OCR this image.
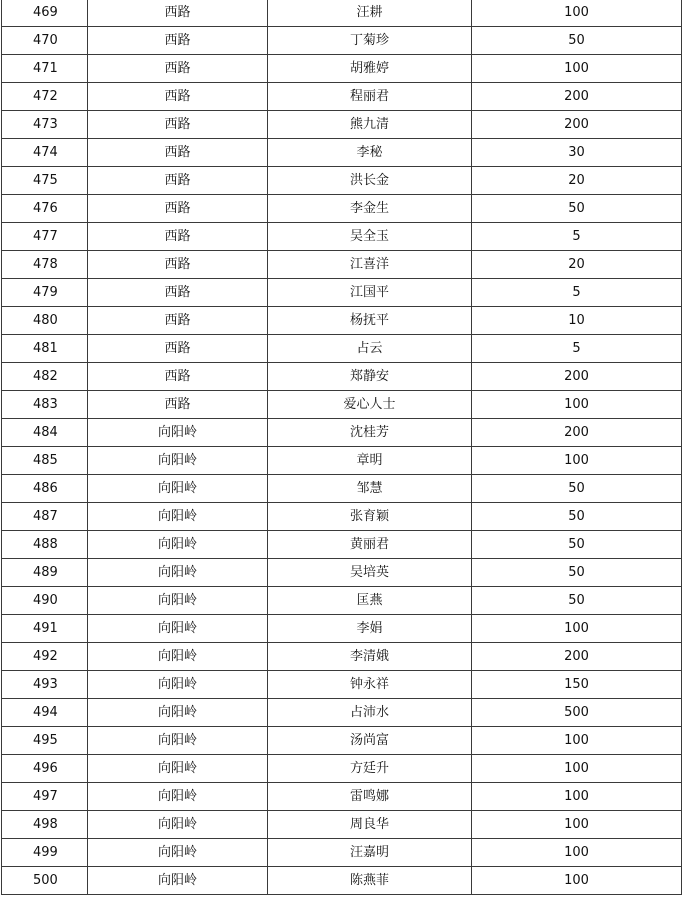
469	西路	汪耕	100
470	西路	丁菊珍	50
471	西路	胡雅婷	100
472	西路	程丽君	200
473	西路	熊九清	200
474	西路	李秘	30
475	西路	洪长金	20
476	西路	李金生	50
477	西路	吴全玉	5
478	西路	江喜洋	20
479	西路	江国平	5
480	西路	杨抚平	10
481	西路	占云	5
482	西路	郑静安	200
483	西路	爱心人士	100
484	向阳岭	沈桂芳	200
485	向阳岭	章明	100
486	向阳岭	邹慧	50
487	向阳岭	张育颖	50
488	向阳岭	黄丽君	50
489	向阳岭	吴培英	50
490	向阳岭	匡燕	50
491	向阳岭	李娟	100
492	向阳岭	李清娥	200
493	向阳岭	钟永祥	150
494	向阳岭	占沛水	500
495	向阳岭	汤尚富	100
496	向阳岭	方廷升	100
497	向阳岭	雷鸣娜	100
498	向阳岭	周良华	100
499	向阳岭	汪嘉明	100
500	向阳岭	陈燕菲	100
